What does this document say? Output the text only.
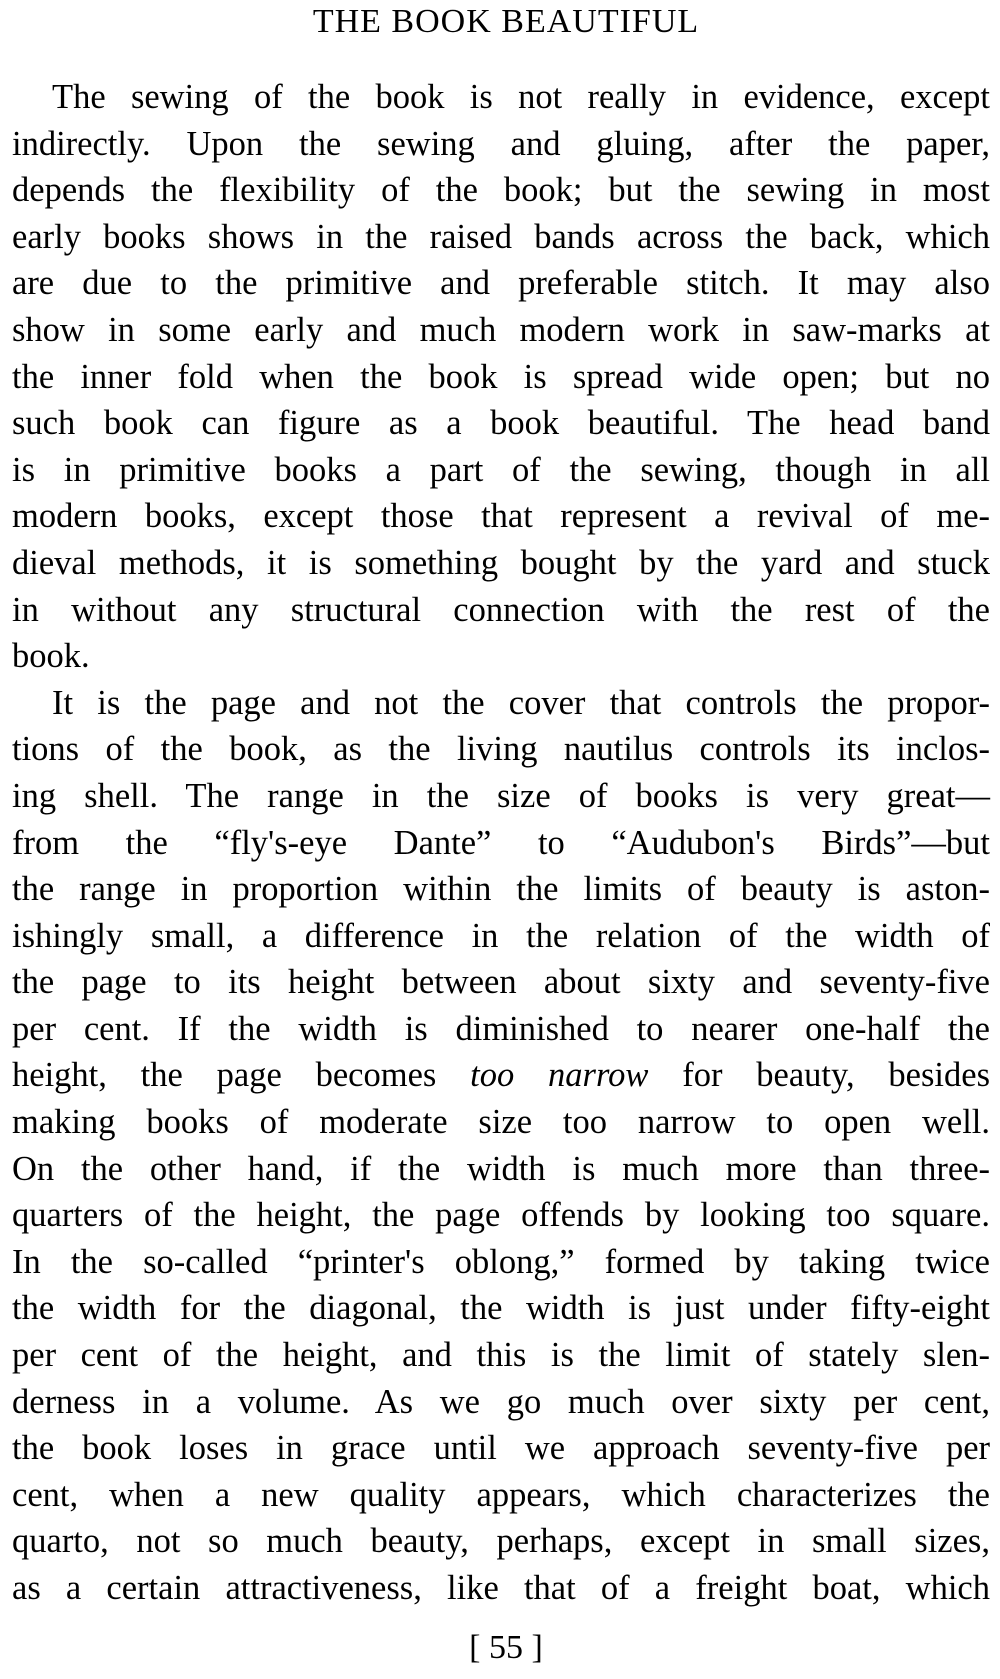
THE BOOK BEAUTIFUL
The sewing of the book is not really in evidence, except
indirectly. Upon the sewing and gluing, after the paper,
depends the flexibility of the book; but the sewing in most
early books shows in the raised bands across the back, which
are due to the primitive and preferable stitch. It may also
show in some early and much modern work in saw-marks at
the inner fold when the book is spread wide open; but no
such book can figure as a book beautiful. The head band
is in primitive books a part of the sewing, though in all
modern books, except those that represent a revival of me-
dieval methods, it is something bought by the yard and stuck
in without any structural connection with the rest of the
book.
It is the page and not the cover that controls the propor-
tions of the book, as the living nautilus controls its inclos-
ing shell. The range in the size of books is very great—
from the “fly's-eye Dante” to “Audubon's Birds”—but
the range in proportion within the limits of beauty is aston-
ishingly small, a difference in the relation of the width of
the page to its height between about sixty and seventy-five
per cent. If the width is diminished to nearer one-half the
height, the page becomes too narrow for beauty, besides
making books of moderate size too narrow to open well.
On the other hand, if the width is much more than three-
quarters of the height, the page offends by looking too square.
In the so-called “printer's oblong,” formed by taking twice
the width for the diagonal, the width is just under fifty-eight
per cent of the height, and this is the limit of stately slen-
derness in a volume. As we go much over sixty per cent,
the book loses in grace until we approach seventy-five per
cent, when a new quality appears, which characterizes the
quarto, not so much beauty, perhaps, except in small sizes,
as a certain attractiveness, like that of a freight boat, which
[ 55 ]
